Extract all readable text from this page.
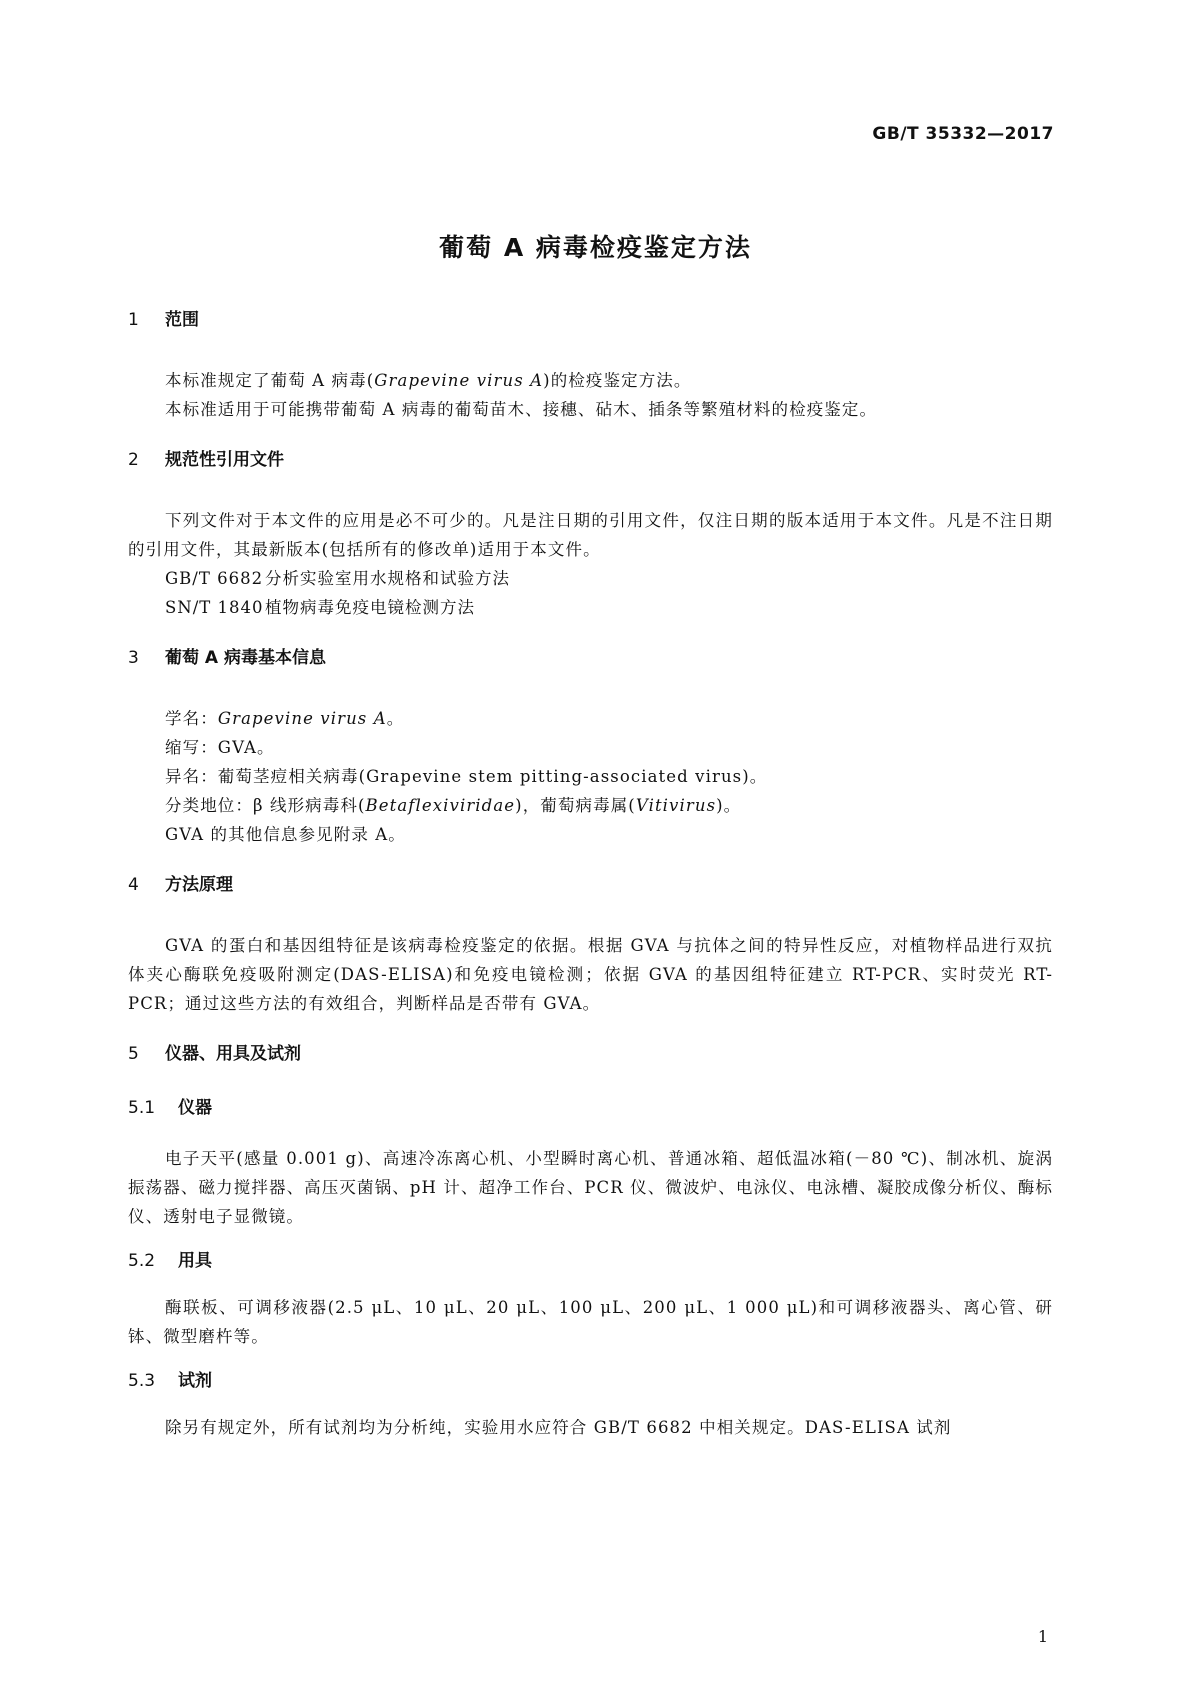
GB/T 35332—2017
葡萄 A 病毒检疫鉴定方法
1	范围

本标准规定了葡萄 A 病毒(Grapevine virus A)的检疫鉴定方法。

本标准适用于可能携带葡萄 A 病毒的葡萄苗木、接穗、砧木、插条等繁殖材料的检疫鉴定。

2	规范性引用文件

下列文件对于本文件的应用是必不可少的。凡是注日期的引用文件，仅注日期的版本适用于本文件。凡是不注日期的引用文件，其最新版本(包括所有的修改单)适用于本文件。

GB/T 6682 分析实验室用水规格和试验方法
SN/T 1840 植物病毒免疫电镜检测方法
3	葡萄 A 病毒基本信息

学名：Grapevine virus A。

缩写：GVA。

异名：葡萄茎痘相关病毒(Grapevine stem pitting-associated virus)。

分类地位：β 线形病毒科(Betaflexiviridae)，葡萄病毒属(Vitivirus)。

GVA 的其他信息参见附录 A。

4	方法原理

GVA 的蛋白和基因组特征是该病毒检疫鉴定的依据。根据 GVA 与抗体之间的特异性反应，对植物样品进行双抗体夹心酶联免疫吸附测定(DAS-ELISA)和免疫电镜检测；依据 GVA 的基因组特征建立 RT-PCR、实时荧光 RT-PCR；通过这些方法的有效组合，判断样品是否带有 GVA。

5	仪器、用具及试剂
5.1	仪器

电子天平(感量 0.001 g)、高速冷冻离心机、小型瞬时离心机、普通冰箱、超低温冰箱(－80 ℃)、制冰机、旋涡振荡器、磁力搅拌器、高压灭菌锅、pH 计、超净工作台、PCR 仪、微波炉、电泳仪、电泳槽、凝胶成像分析仪、酶标仪、透射电子显微镜。

5.2	用具

酶联板、可调移液器(2.5 μL、10 μL、20 μL、100 μL、200 μL、1 000 μL)和可调移液器头、离心管、研钵、微型磨杵等。

5.3	试剂

除另有规定外，所有试剂均为分析纯，实验用水应符合 GB/T 6682 中相关规定。DAS-ELISA 试剂

1
